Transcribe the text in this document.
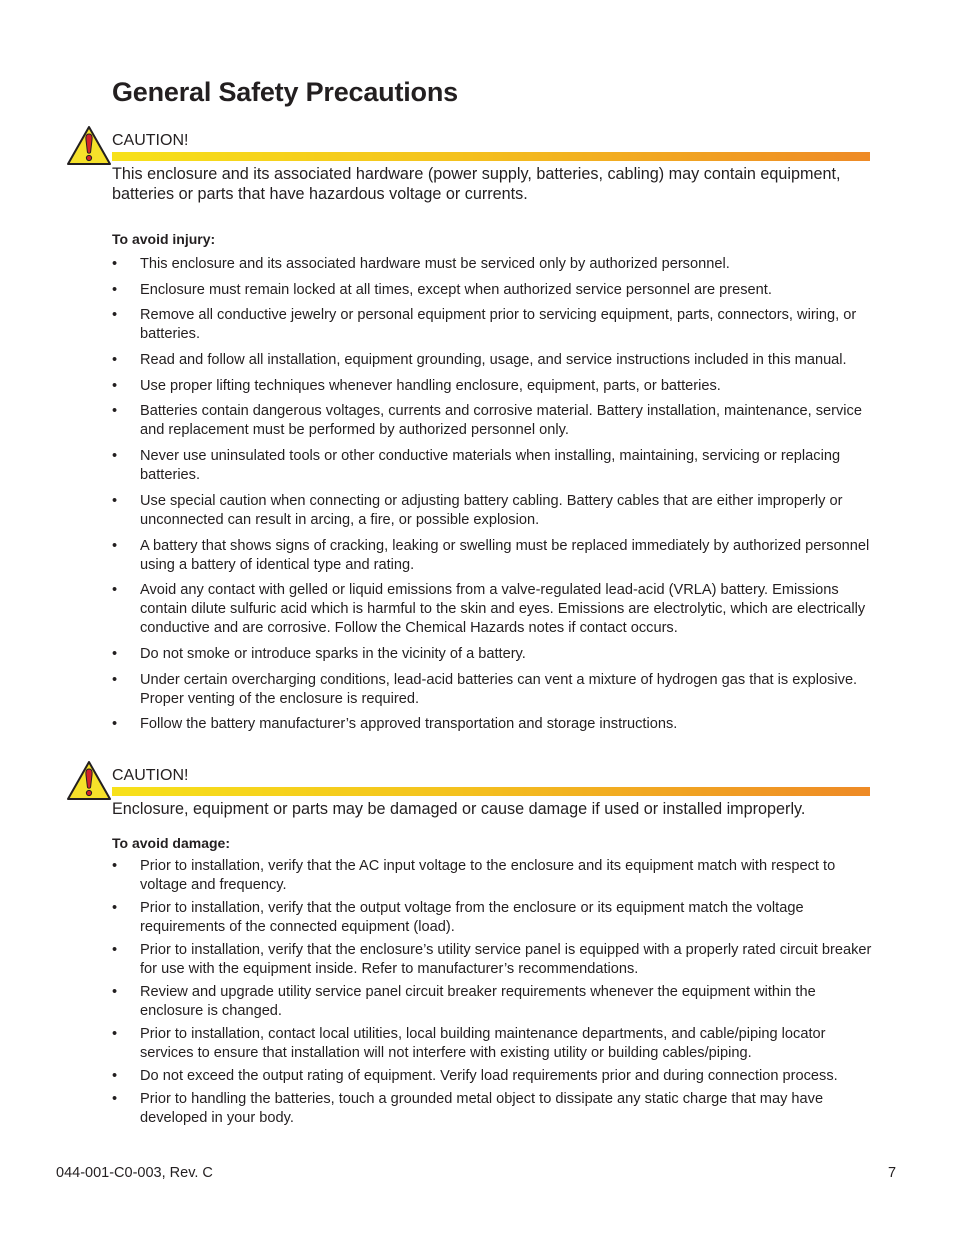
General Safety Precautions
CAUTION!
This enclosure and its associated hardware (power supply, batteries, cabling) may contain equipment, batteries or parts that have hazardous voltage or currents.
To avoid injury:
• This enclosure and its associated hardware must be serviced only by authorized personnel.
• Enclosure must remain locked at all times, except when authorized service personnel are present.
• Remove all conductive jewelry or personal equipment prior to servicing equipment, parts, connectors, wiring, or batteries.
• Read and follow all installation, equipment grounding, usage, and service instructions included in this manual.
• Use proper lifting techniques whenever handling enclosure, equipment, parts, or batteries.
• Batteries contain dangerous voltages, currents and corrosive material. Battery installation, maintenance, service and replacement must be performed by authorized personnel only.
• Never use uninsulated tools or other conductive materials when installing, maintaining, servicing or replacing batteries.
• Use special caution when connecting or adjusting battery cabling. Battery cables that are either improperly or unconnected can result in arcing, a fire, or possible explosion.
• A battery that shows signs of cracking, leaking or swelling must be replaced immediately by authorized personnel using a battery of identical type and rating.
• Avoid any contact with gelled or liquid emissions from a valve-regulated lead-acid (VRLA) battery. Emissions contain dilute sulfuric acid which is harmful to the skin and eyes. Emissions are electrolytic, which are electrically conductive and are corrosive. Follow the Chemical Hazards notes if contact occurs.
• Do not smoke or introduce sparks in the vicinity of a battery.
• Under certain overcharging conditions, lead-acid batteries can vent a mixture of hydrogen gas that is explosive. Proper venting of the enclosure is required.
• Follow the battery manufacturer’s approved transportation and storage instructions.
CAUTION!
Enclosure, equipment or parts may be damaged or cause damage if used or installed improperly.
To avoid damage:
• Prior to installation, verify that the AC input voltage to the enclosure and its equipment match with respect to voltage and frequency.
• Prior to installation, verify that the output voltage from the enclosure or its equipment match the voltage requirements of the connected equipment (load).
• Prior to installation, verify that the enclosure’s utility service panel is equipped with a properly rated circuit breaker for use with the equipment inside. Refer to manufacturer’s recommendations.
• Review and upgrade utility service panel circuit breaker requirements whenever the equipment within the enclosure is changed.
• Prior to installation, contact local utilities, local building maintenance departments, and cable/piping locator services to ensure that installation will not interfere with existing utility or building cables/piping.
• Do not exceed the output rating of equipment. Verify load requirements prior and during connection process.
• Prior to handling the batteries, touch a grounded metal object to dissipate any static charge that may have developed in your body.
044-001-C0-003, Rev. C	7
